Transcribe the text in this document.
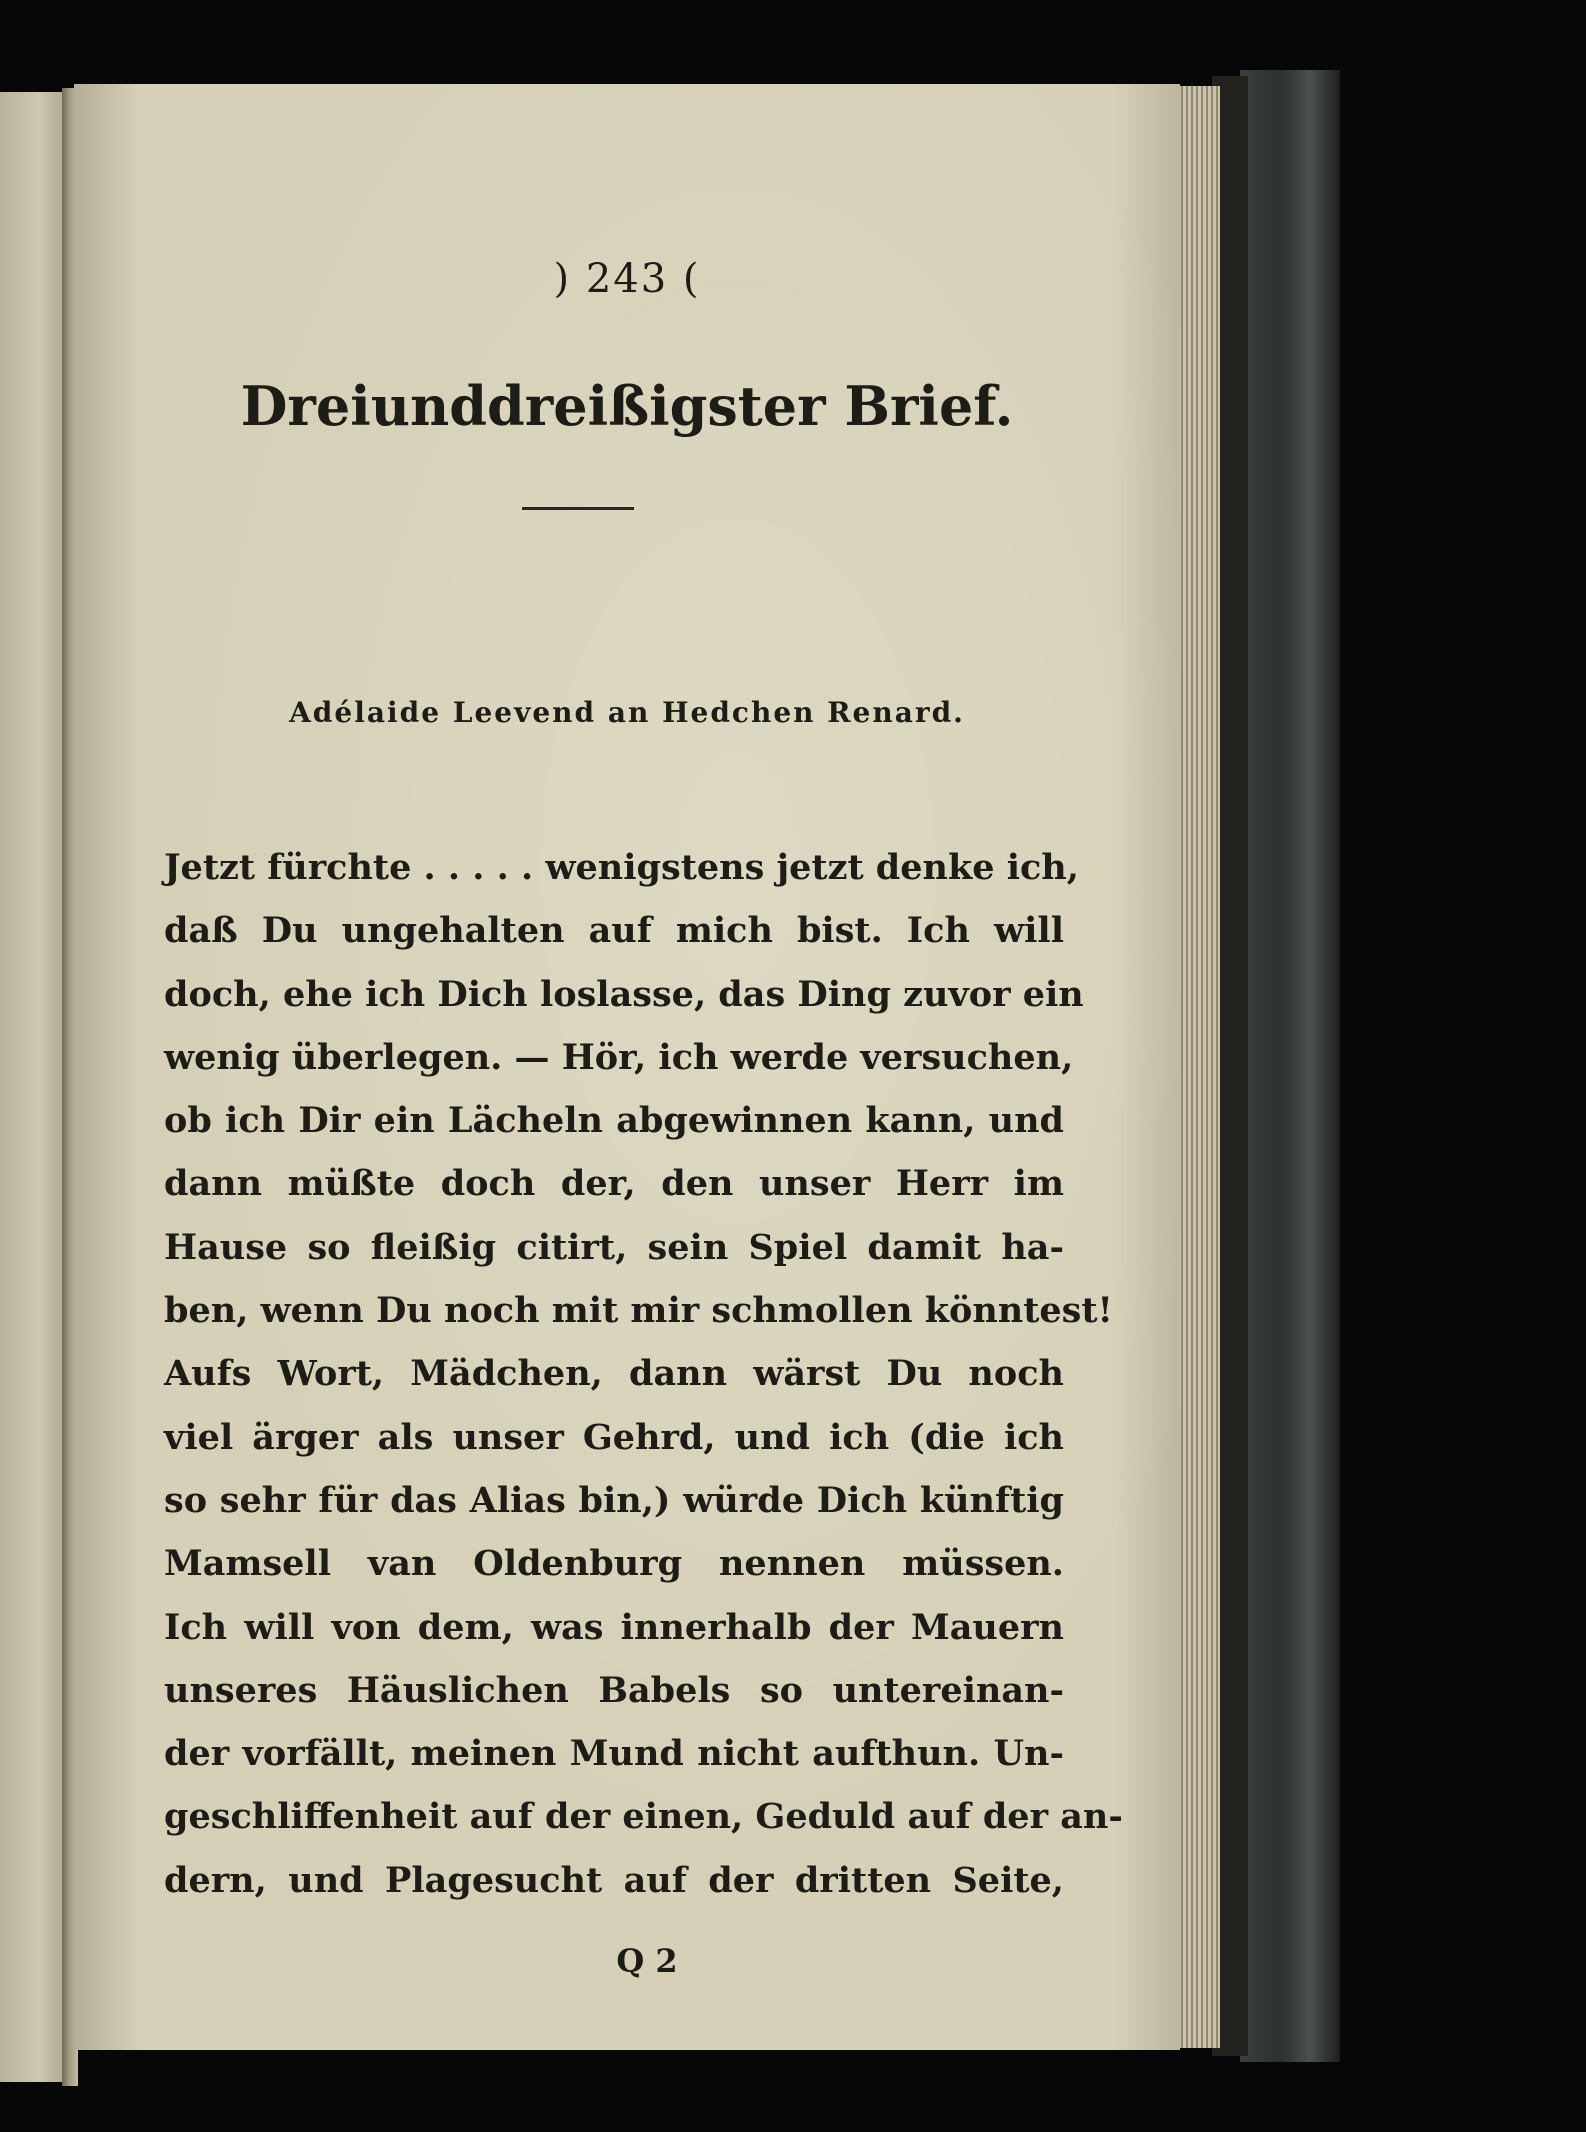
) 243 (
Dreiunddreißigster Brief.
Adélaide Leevend an Hedchen Renard.
Jetzt fürchte . . . . . wenigstens jetzt denke ich,
daß Du ungehalten auf mich bist. Ich will
doch, ehe ich Dich loslasse, das Ding zuvor ein
wenig überlegen. — Hör, ich werde versuchen,
ob ich Dir ein Lächeln abgewinnen kann, und
dann müßte doch der, den unser Herr im
Hause so fleißig citirt, sein Spiel damit ha-
ben, wenn Du noch mit mir schmollen könntest!
Aufs Wort, Mädchen, dann wärst Du noch
viel ärger als unser Gehrd, und ich (die ich
so sehr für das Alias bin,) würde Dich künftig
Mamsell van Oldenburg nennen müssen.
Ich will von dem, was innerhalb der Mauern
unseres Häuslichen Babels so untereinan-
der vorfällt, meinen Mund nicht aufthun. Un-
geschliffenheit auf der einen, Geduld auf der an-
dern, und Plagesucht auf der dritten Seite,
Q 2
